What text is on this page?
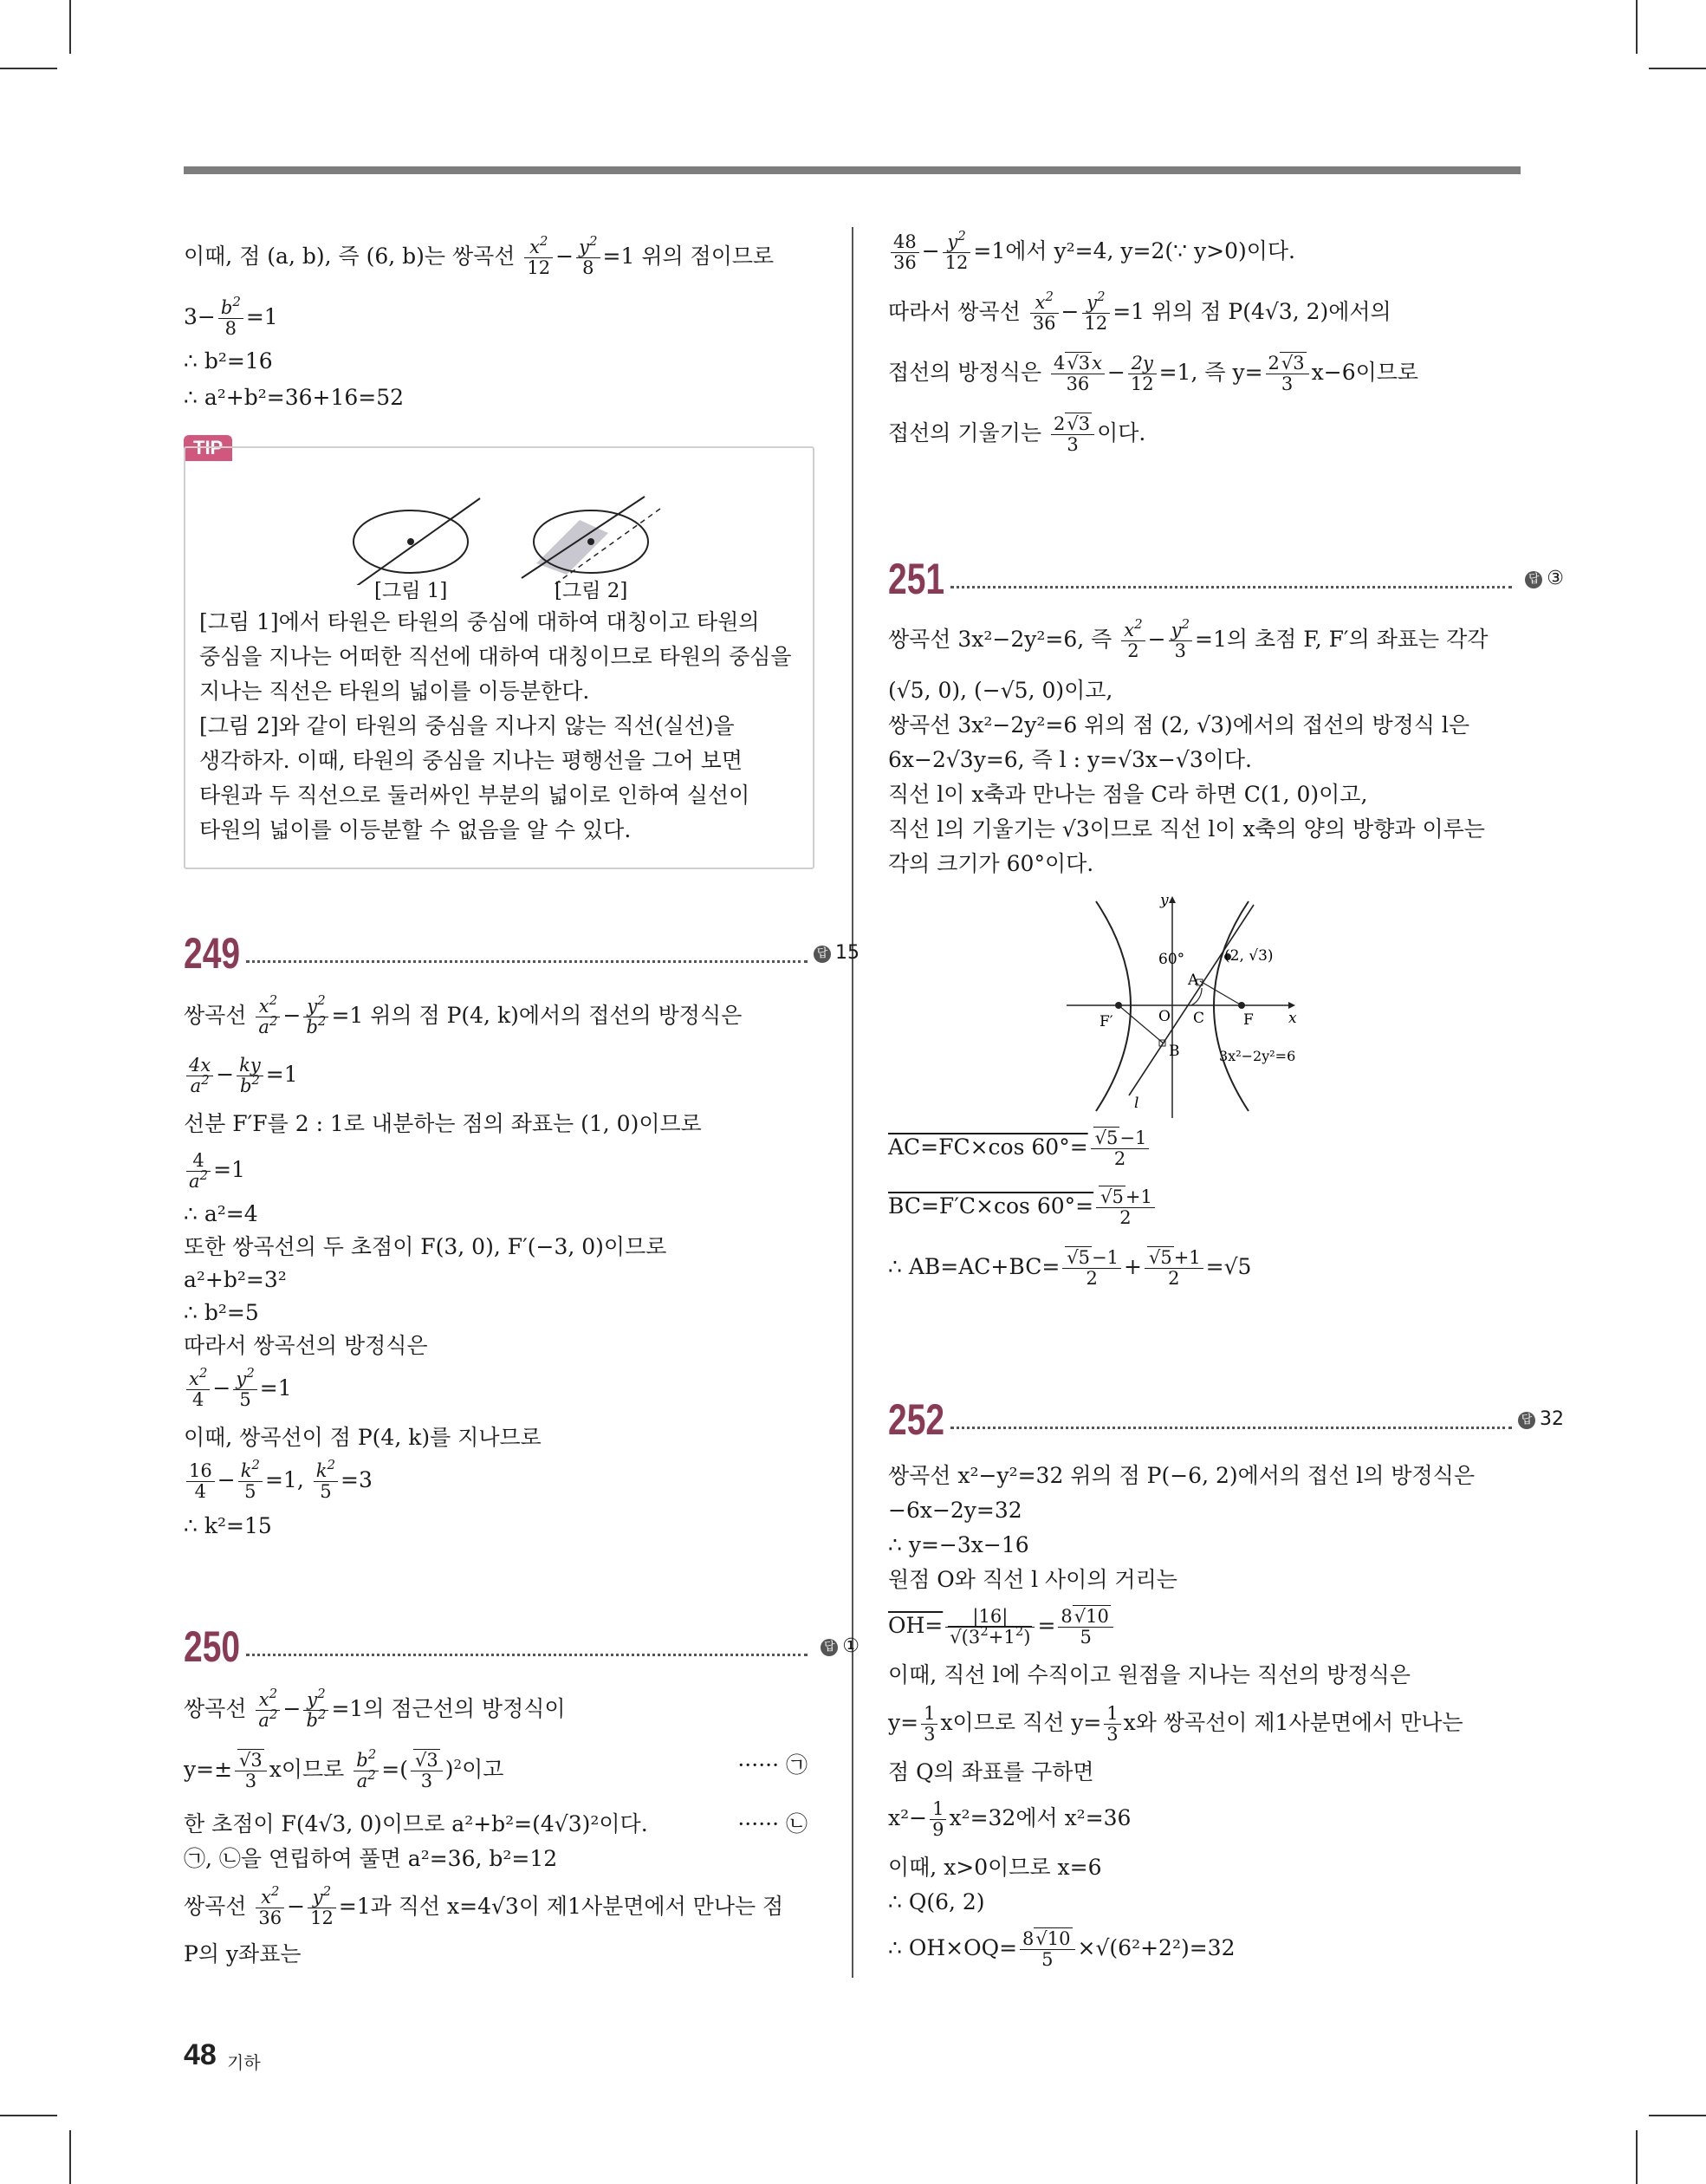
이때, 점 (a, b), 즉 (6, b)는 쌍곡선 $\frac{x^2}{12} - \frac{y^2}{8} =1$ 위의 점이므로
$3- \frac{b^2}{8} =1$
∴ b²=16
∴ a²+b²=36+16=52
TIP
[그림 1]	[그림 2]
[그림 1]에서 타원은 타원의 중심에 대하여 대칭이고 타원의
중심을 지나는 어떠한 직선에 대하여 대칭이므로 타원의 중심을
지나는 직선은 타원의 넓이를 이등분한다.
[그림 2]와 같이 타원의 중심을 지나지 않는 직선(실선)을
생각하자. 이때, 타원의 중심을 지나는 평행선을 그어 보면
타원과 두 직선으로 둘러싸인 부분의 넓이로 인하여 실선이
타원의 넓이를 이등분할 수 없음을 알 수 있다.
249	답 15
쌍곡선 $\frac{x^2}{a^2} - \frac{y^2}{b^2} =1$ 위의 점 P(4, k)에서의 접선의 방정식은
$\frac{4x}{a^2} - \frac{ky}{b^2} =1$
선분 F′F를 2 : 1로 내분하는 점의 좌표는 (1, 0)이므로
$\frac{4}{a^2} =1$
∴ a²=4
또한 쌍곡선의 두 초점이 F(3, 0), F′(−3, 0)이므로
a²+b²=3²
∴ b²=5
따라서 쌍곡선의 방정식은
$\frac{x^2}{4} - \frac{y^2}{5} =1$
이때, 쌍곡선이 점 P(4, k)를 지나므로
$\frac{16}{4} - \frac{k^2}{5} =1$, $\frac{k^2}{5} =3$
∴ k²=15
250	답 ①
쌍곡선 $\frac{x^2}{a^2} - \frac{y^2}{b^2} =1$의 점근선의 방정식이
$y=\pm \frac{√3}{3}$ x이므로 $\frac{b^2}{a^2}$ =( $\frac{√3}{3} )^2$이고	······ ㉠
한 초점이 F(4√3, 0)이므로 a²+b²=(4√3)²이다.	······ ㉡
㉠, ㉡을 연립하여 풀면 a²=36, b²=12
쌍곡선 $\frac{x^2}{36} - \frac{y^2}{12} =1$과 직선 x=4√3이 제1사분면에서 만나는 점
P의 y좌표는
$\frac{48}{36} - \frac{y^2}{12} =1$에서 y²=4, y=2(∵ y>0)이다.
따라서 쌍곡선 $\frac{x^2}{36} - \frac{y^2}{12} =1$ 위의 점 P(4√3, 2)에서의
접선의 방정식은 $\frac{4√3x}{36} - \frac{2y}{12} =1$, 즉 $y= \frac{2√3}{3} x-6$이므로
접선의 기울기는 $\frac{2√3}{3}$ 이다.
251	답 ③
쌍곡선 3x²−2y²=6, 즉 $\frac{x^2}{2} - \frac{y^2}{3} =1$의 초점 F, F′의 좌표는 각각
(√5, 0), (−√5, 0)이고,
쌍곡선 3x²−2y²=6 위의 점 (2, √3)에서의 접선의 방정식 l은
6x−2√3y=6, 즉 l : y=√3x−√3이다.
직선 l이 x축과 만나는 점을 C라 하면 C(1, 0)이고,
직선 l의 기울기는 √3이므로 직선 l이 x축의 양의 방향과 이루는
각의 크기가 60°이다.
y
x
60°	(2, √3)
A
B
C
O	F
F′
l
3x²−2y²=6
AC=FC×cos $60^\circ= \frac{√5-1}{2}$
BC=F′C×cos $60^\circ= \frac{√5+1}{2}$
∴ $AB=AC+BC= \frac{√5-1}{2} + \frac{√5+1}{2} =√5$
252	답 32
쌍곡선 x²−y²=32 위의 점 P(−6, 2)에서의 접선 l의 방정식은
−6x−2y=32
∴ y=−3x−16
원점 O와 직선 l 사이의 거리는
$OH= \frac{|16|}{√(3^2+1^2)} = \frac{8√10}{5}$
이때, 직선 l에 수직이고 원점을 지나는 직선의 방정식은
$y= \frac{1}{3}$ x이므로 직선 $y= \frac{1}{3}$ x와 쌍곡선이 제1사분면에서 만나는
점 Q의 좌표를 구하면
$x^2- \frac{1}{9} x^2=32$에서 x²=36
이때, x>0이므로 x=6
∴ Q(6, 2)
∴ $OH\times OQ= \frac{8√10}{5} \times√(6^2+2^2)=32$
48 기하
